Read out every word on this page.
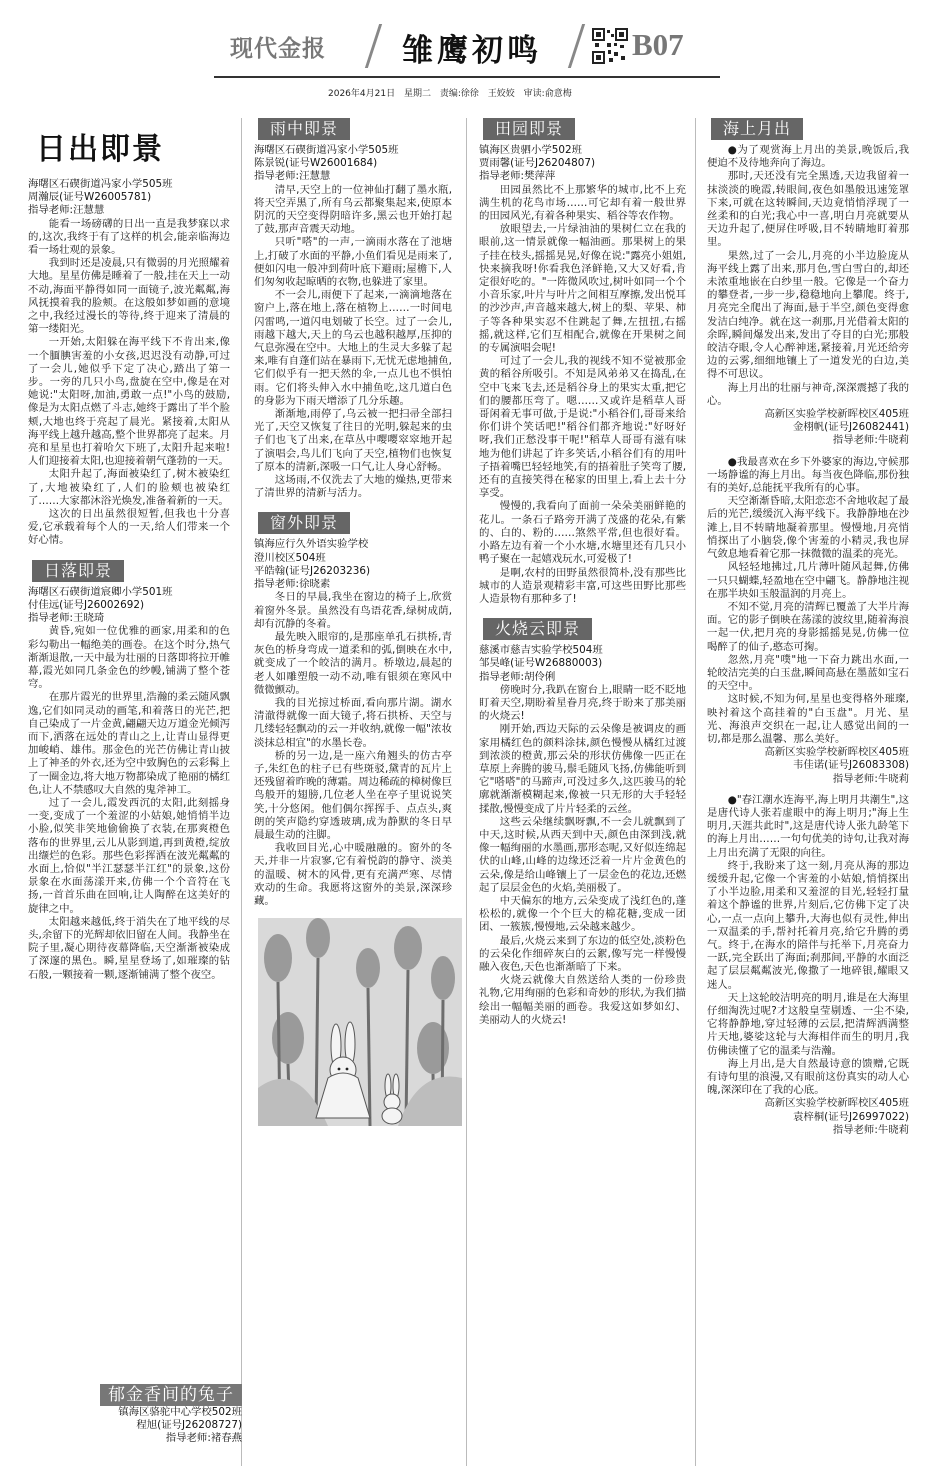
现代金报 雏鹰初鸣	B07
2026年4月21日 星期二 责编:徐徐 王姣姣 审读:俞意梅
日出即景
海曙区石碶街道冯家小学505班
周瀚辰(证号W26005781)
指导老师:汪慧慧

能看一场磅礴的日出一直是我梦寐以求的,这次,我终于有了这样的机会,能亲临海边看一场壮观的景象。

我到时还是凌晨,只有微弱的月光照耀着大地。星星仿佛是睡着了一般,挂在天上一动不动,海面平静得如同一面镜子,波光粼粼,海风抚摸着我的脸颊。在这般如梦如画的意境之中,我经过漫长的等待,终于迎来了清晨的第一缕阳光。

一开始,太阳躲在海平线下不肯出来,像一个腼腆害羞的小女孩,迟迟没有动静,可过了一会儿,她似乎下定了决心,踏出了第一步。一旁的几只小鸟,盘旋在空中,像是在对她说:"太阳呀,加油,勇敢一点!"小鸟的鼓励,像是为太阳点燃了斗志,她终于露出了半个脸颊,大地也终于亮起了晨光。紧接着,太阳从海平线上越升越高,整个世界都亮了起来。月亮和星星也打着哈欠下班了,太阳升起来啦!人们迎接着太阳,也迎接着朝气蓬勃的一天。

太阳升起了,海面被染红了,树木被染红了,大地被染红了,人们的脸颊也被染红了……大家都沐浴光焕发,准备着新的一天。

这次的日出虽然很短暂,但我也十分喜爱,它承载着每个人的一天,给人们带来一个好心情。

日落即景
海曙区石碶街道宸卿小学501班
付佳远(证号J26002692)
指导老师:王晓琦

黄昏,宛如一位优雅的画家,用柔和的色彩勾勒出一幅绝美的画卷。在这个时分,热气渐渐退散,一天中最为壮丽的日落即将拉开帷幕,霞光如同几条金色的纱幔,铺满了整个苍穹。

在那片霞光的世界里,浩瀚的柔云随风飘逸,它们如同灵动的画笔,和着落日的光芒,把自己染成了一片金黄,翩翩天边万道金光倾泻而下,洒落在远处的青山之上,让青山显得更加峻峭、雄伟。那金色的光芒仿佛让青山披上了神圣的外衣,还为空中致胸色的云彩髯上了一圈金边,将大地万物都染成了艳丽的橘红色,让人不禁感叹大自然的鬼斧神工。

过了一会儿,霞发西沉的太阳,此刻摇身一变,变成了一个羞涩的小姑娘,她悄悄半边小脸,似笑非笑地偷偷换了衣装,在那爽橙色落布的世界里,云儿从影到道,再到黄橙,绽放出缬烂的色彩。那些色彩挥洒在波光粼粼的水面上,恰似"半江瑟瑟半江红"的景象,这份景象在水面荡漾开来,仿佛一个个音符在飞扬,一首首乐曲在回响,让人陶醉在这美好的旋律之中。

太阳越来越低,终于消失在了地平线的尽头,余留下的光辉却依旧留在人间。我静坐在院子里,凝心期待夜幕降临,天空渐渐被染成了深邃的黑色。瞬,星星登场了,如璀璨的钻石般,一颗接着一颗,逐渐铺满了整个夜空。

雨中即景
海曙区石碶街道冯家小学505班
陈景锐(证号W26001684)
指导老师:汪慧慧

清早,天空上的一位神仙打翻了墨水瓶,将天空弄黑了,所有乌云都聚集起来,使原本阴沉的天空变得阴暗许多,黑云也开始打起了鼓,那声音震天动地。

只听"嗒"的一声,一滴雨水落在了池塘上,打破了水面的平静,小鱼们看见是雨来了,便如闪电一般冲到荷叶底下避雨;屋檐下,人们匆匆收起晾晒的衣物,也躲进了家里。

不一会儿,雨便下了起来,一滴滴地落在窗户上,落在地上,落在植物上……一时间电闪雷鸣,一道闪电划破了长空。过了一会儿,雨越下越大,天上的乌云也越积越厚,压抑的气息弥漫在空中。大地上的生灵大多躲了起来,唯有自蓬们站在暴雨下,无忧无虑地捕鱼,它们似乎有一把天然的伞,一点儿也不惧怕雨。它们将头伸入水中捕鱼吃,这几道白色的身影为下雨天增添了几分乐趣。

渐渐地,雨停了,乌云被一把扫帚全部扫光了,天空又恢复了往日的光明,躲起来的虫子们也飞了出来,在草丛中嘤嘤窣窣地开起了演唱会,鸟儿们飞向了天空,植物们也恢复了原本的清新,深吸一口气,让人身心舒畅。

这场雨,不仅洗去了大地的燥热,更带来了清世界的清新与活力。

窗外即景
镇海应行久外语实验学校
澄川校区504班
平皓翰(证号J26203236)
指导老师:徐晓素

冬日的早晨,我坐在窗边的椅子上,欣赏着窗外冬景。虽然没有鸟语花香,绿树成荫,却有沉静的冬着。

最先映入眼帘的,是那座单孔石拱桥,青灰色的桥身弯成一道柔和的弧,倒映在水中,就变成了一个皎洁的满月。桥墩边,晨起的老人如雕塑般一动不动,唯有银须在寒风中微微颤动。

我的目光掠过桥面,看向那片湖。湖水清澈得就像一面大镜子,将石拱桥、天空与几缕轻轻飘动的云一并收纳,就像一幅"浓妆淡抹总相宜"的水墨长卷。

桥的另一边,是一座六角翘头的仿古亭子,朱红色的柱子已有些斑驳,黛青的瓦片上还残留着昨晚的薄霜。周边稀疏的樟树像巨鸟般开的翅膀,几位老人坐在亭子里说说笑笑,十分悠闲。他们偶尔挥挥手、点点头,爽朗的笑声隐约穿透玻璃,成为静默的冬日早晨最生动的注脚。

我收回目光,心中暖融融的。窗外的冬天,并非一片寂寥,它有着悦韵的静守、淡美的温暖、树木的风骨,更有充满严寒、尽情欢动的生命。我愿将这窗外的美景,深深珍藏。

田园即景
镇海区贵驷小学502班
贾雨馨(证号J26204807)
指导老师:樊萍萍

田园虽然比不上那繁华的城市,比不上充满生机的花鸟市场……可它却有着一般世界的田园风光,有着各种果实、稻谷等农作物。

放眼望去,一片绿油油的果树仁立在我的眼前,这一情景就像一幅油画。那果树上的果子挂在枝头,摇摇晃晃,好像在说:"露亮小姐姐,快来摘我呀!你看我色泽鲜艳,又大又好看,肯定很好吃的。"一阵微风吹过,树叶如同一个个小音乐家,叶片与叶片之间相互摩擦,发出悦耳的沙沙声,声音越来越大,树上的梨、苹果、柿子等各种果实忍不住跳起了舞,左扭扭,右摇摇,就这样,它们互相配合,就像在开果树之间的专属演唱会呢!

可过了一会儿,我的视线不知不觉被那金黄的稻谷所吸引。不知是风弟弟又在捣乱,在空中飞来飞去,还是稻谷身上的果实太重,把它们的腰都压弯了。嗯……又或许是稻草人哥哥闲着无事可做,于是说:"小稻谷们,哥哥来给你们讲个笑话吧!"稻谷们都齐地说:"好呀好呀,我们正愁没事干呢!"稻草人哥哥有滋有味地为他们讲起了许多笑话,小稻谷们有的用叶子捂着嘴巴轻轻地笑,有的捂着肚子笑弯了腰,还有的直接笑得在秘家的田里上,看上去十分享受。

慢慢的,我看向了面前一朵朵美丽鲜艳的花儿。一条石子路旁开满了茂盛的花朵,有紫的、白的、粉的……煞然平常,但也很好看。小路左边有着一个小水塘,水塘里还有几只小鸭子聚在一起嬉戏玩水,可爱极了!

是啊,农村的田野虽然很简朴,没有那些比城市的人造景观精彩丰富,可这些田野比那些人造景物有那种多了!

火烧云即景
慈溪市慈吉实验学校504班
邹昊峰(证号W26880003)
指导老师:胡伶俐

傍晚时分,我趴在窗台上,眼睛一眨不眨地盯着天空,期盼着星眷月亮,终于盼来了那美丽的火烧云!

刚开始,西边天际的云朵像是被调皮的画家用橘红色的颜料涂抹,颜色慢慢从橘红过渡到浓淡的橙黄,那云朵的形状仿佛像一匹正在草原上奔腾的骏马,鬃毛随风飞扬,仿佛能听到它"嗒嗒"的马蹄声,可没过多久,这匹骏马的轮廓就渐渐模糊起来,像被一只无形的大手轻轻揉散,慢慢变成了片片轻柔的云丝。

这些云朵继续飘呀飘,不一会儿就飘到了中天,这时候,从西天到中天,颜色由深到浅,就像一幅绚丽的水墨画,那形态呢,又好似连绵起伏的山峰,山峰的边缘还泛着一片片金黄色的云朵,像是给山峰镶上了一层金色的花边,还燃起了层层金色的火焰,美丽极了。

中天偏东的地方,云朵变成了浅红色的,蓬松松的,就像一个个巨大的棉花糖,变成一团团、一簇簇,慢慢地,云朵越来越少。

最后,火烧云来到了东边的低空处,淡粉色的云朵化作细碎灰白的云絮,像写完一样慢慢融入夜色,天色也渐渐暗了下来。

火烧云就像大自然送给人类的一份珍贵礼物,它用绚丽的色彩和奇妙的形状,为我们描绘出一幅幅美丽的画卷。我爱这如梦如幻、美丽动人的火烧云!

海上月出

●为了观赏海上月出的美景,晚饭后,我便迫不及待地奔向了海边。

那时,天还没有完全黑透,天边我留着一抹淡淡的晚霞,转眼间,夜色如墨般迅速笼罩下来,可就在这转瞬间,天边竟悄悄浮现了一丝柔和的白光;我心中一喜,明白月亮就要从天边升起了,便屏住呼吸,目不转睛地盯着那里。

果然,过了一会儿,月亮的小半边脸庞从海平线上露了出来,那月色,雪白雪白的,却还未浓重地嵌在白纱里一般。它像是一个奋力的攀登者,一步一步,稳稳地向上攀爬。终于,月亮完全爬出了海面,悬于半空,颜色变得愈发洁白纯净。就在这一刹那,月光借着太阳的余晖,瞬间爆发出来,发出了夺目的白光;那般皎洁夺眼,令人心醉神迷,紧接着,月光还给旁边的云雾,细细地镶上了一道发光的白边,美得不可思议。

海上月出的壮丽与神奇,深深震撼了我的心。

高新区实验学校新晖校区405班
金栩帆(证号J26082441)
指导老师:牛晓莉

●我最喜欢在乡下外婆家的海边,守候那一场静谧的海上月出。每当夜色降临,那份独有的美好,总能抚平我所有的心事。

天空渐渐昏暗,太阳恋恋不舍地收起了最后的光芒,缓缓沉入海平线下。我静静地在沙滩上,目不转睛地凝着那里。慢慢地,月亮悄悄探出了小脑袋,像个害羞的小精灵,我也屏气敛息地看着它那一抹微微的温柔的亮光。

风轻轻地拂过,几片薄叶随风起舞,仿佛一只只蝴蝶,轻盈地在空中翩飞。静静地注视在那半块如玉般温润的月亮上。

不知不觉,月亮的清辉已覆盖了大半片海面。它的影子倒映在荡漾的波纹里,随着海浪一起一伏,把月亮的身影摇摇晃晃,仿佛一位喝醉了的仙子,憨态可掬。

忽然,月亮"噗"地一下奋力跳出水面,一轮皎洁完美的白玉盘,瞬间高悬在墨蓝如宝石的天空中。

这时候,不知为何,星星也变得格外璀璨,映衬着这个高挂着的"白玉盘"。月光、星光、海浪声交织在一起,让人感觉出间的一切,都是那么温馨、那么美好。

高新区实验学校新晖校区405班
韦佳诺(证号J26083308)
指导老师:牛晓莉

●"春江潮水连海平,海上明月共潮生",这是唐代诗人张若虚眼中的海上明月;"海上生明月,天涯共此时",这是唐代诗人张九龄笔下的海上月出……一句句优美的诗句,让我对海上月出充满了无限的向往。

终于,我盼来了这一刻,月亮从海的那边缓缓升起,它像一个害羞的小姑娘,悄悄探出了小半边脸,用柔和又羞涩的目光,轻轻打量着这个静谧的世界,片刻后,它仿佛下定了决心,一点一点向上攀升,大海也似有灵性,伸出一双温柔的手,帮衬托着月亮,给它升腾的勇气。终于,在海水的陪伴与托举下,月亮奋力一跃,完全跃出了海面;刹那间,平静的水面泛起了层层粼粼波光,像撒了一地碎银,耀眼又迷人。

天上这轮皎洁明亮的明月,谁是在大海里仔细淘洗过呢?才这般皇莹剔透、一尘不染,它将静静地,穿过轻薄的云层,把清辉洒满整片天地,婆娑这轮与大海相伴而生的明月,我仿佛读懂了它的温柔与浩瀚。

海上月出,是大自然最诗意的馈赠,它既有诗句里的浪漫,又有眼前这份真实的动人心魄,深深印在了我的心底。

高新区实验学校新晖校区405班
袁梓桐(证号J26997022)
指导老师:牛晓莉
郁金香间的兔子
镇海区骆驼中心学校502班
程旭(证号J26208727)
指导老师:褚春燕
